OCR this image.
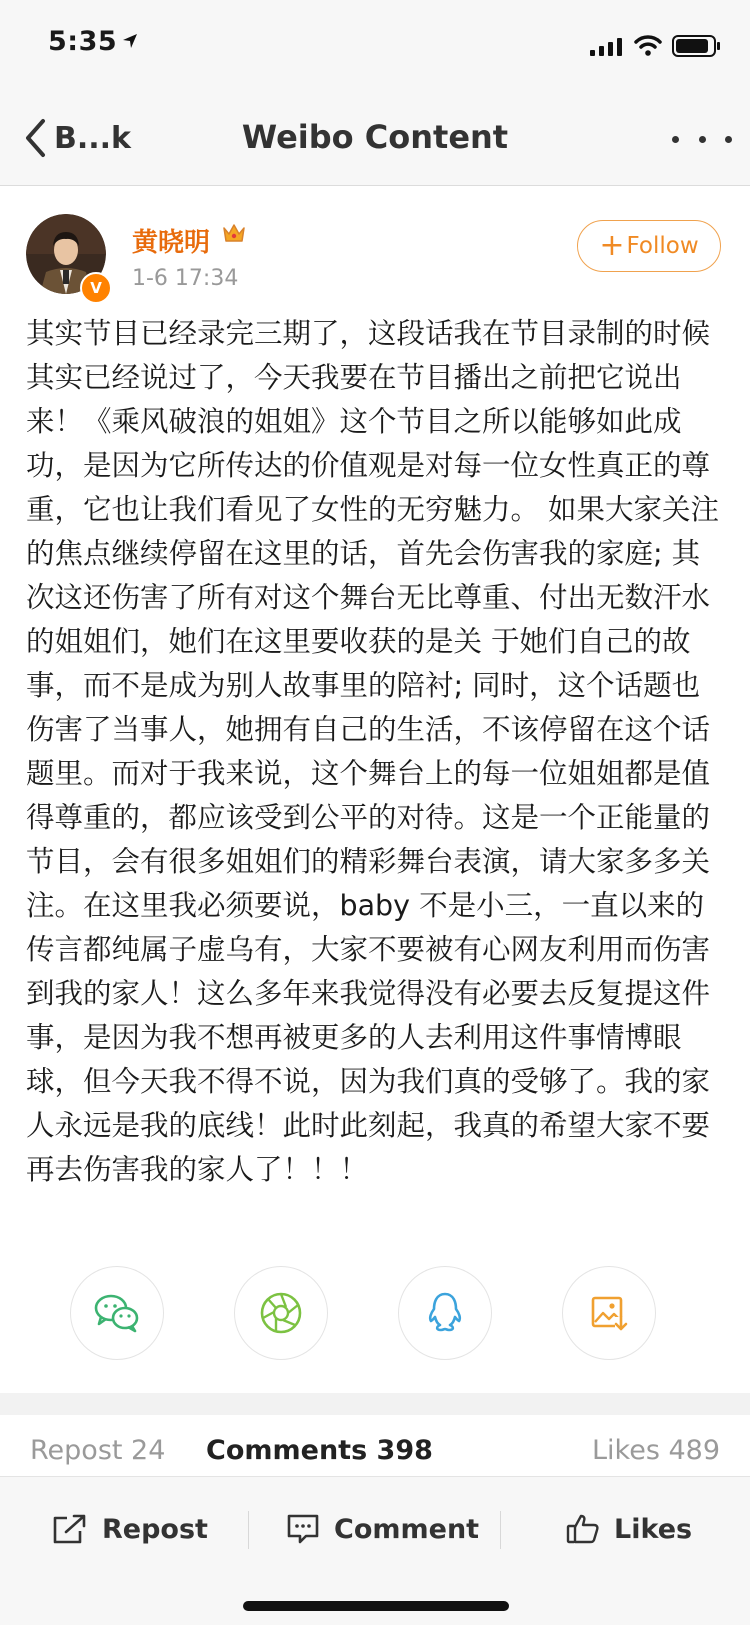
5:35
B...k	Weibo Content
V
黄晓明
1-6 17:34
+ Follow
其实节目已经录完三期了，这段话我在节目录制的时候其实已经说过了，今天我要在节目播出之前把它说出来！《乘风破浪的姐姐》这个节目之所以能够如此成功，是因为它所传达的价值观是对每一位女性真正的尊重，它也让我们看见了女性的无穷魅力。 如果大家关注的焦点继续停留在这里的话，首先会伤害我的家庭; 其次这还伤害了所有对这个舞台无比尊重、付出无数汗水的姐姐们，她们在这里要收获的是关 于她们自己的故事，而不是成为别人故事里的陪衬; 同时，这个话题也伤害了当事人，她拥有自己的生活，不该停留在这个话题里。而对于我来说，这个舞台上的每一位姐姐都是值得尊重的，都应该受到公平的对待。这是一个正能量的节目，会有很多姐姐们的精彩舞台表演，请大家多多关注。在这里我必须要说，baby 不是小三，一直以来的传言都纯属子虚乌有，大家不要被有心网友利用而伤害到我的家人！这么多年来我觉得没有必要去反复提这件事，是因为我不想再被更多的人去利用这件事情博眼球，但今天我不得不说，因为我们真的受够了。我的家人永远是我的底线！此时此刻起，我真的希望大家不要再去伤害我的家人了！！！
Repost 24 Comments 398	Likes 489
Repost	Comment	Likes
